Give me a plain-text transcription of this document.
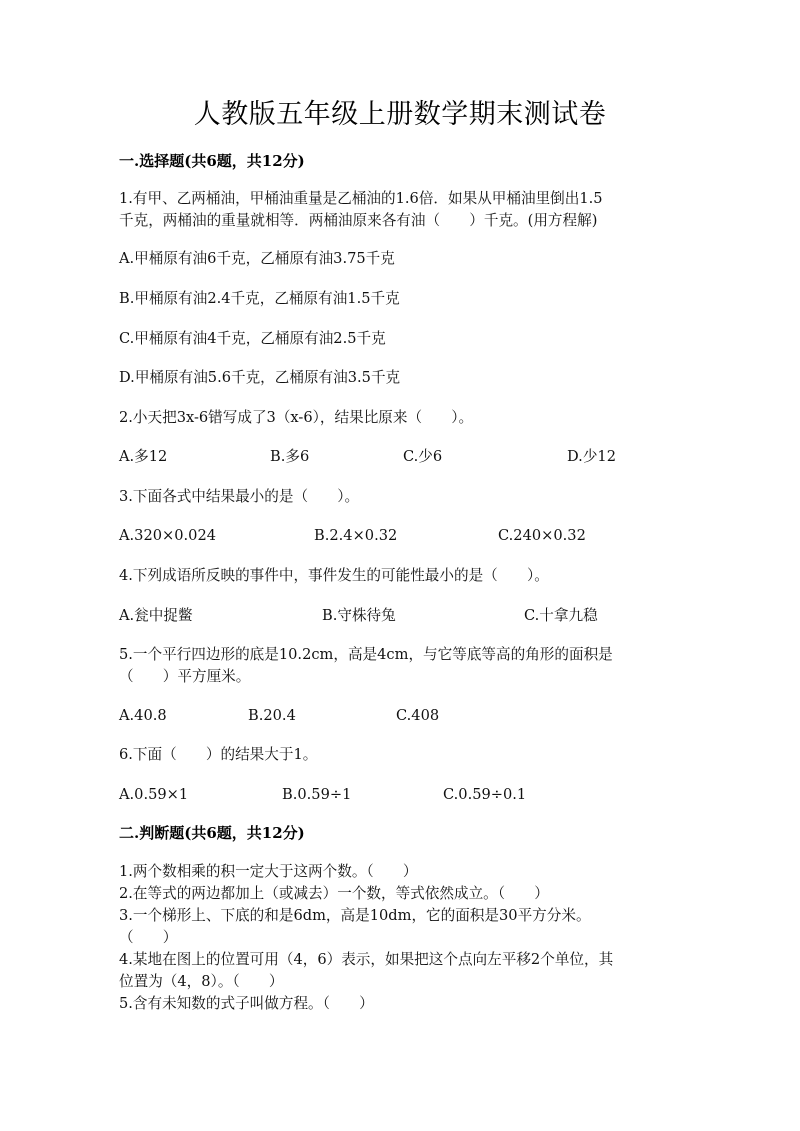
人教版五年级上册数学期末测试卷
一.选择题(共6题，共12分)
1.有甲、乙两桶油，甲桶油重量是乙桶油的1.6倍．如果从甲桶油里倒出1.5
千克，两桶油的重量就相等．两桶油原来各有油（　　）千克。(用方程解)
A.甲桶原有油6千克，乙桶原有油3.75千克
B.甲桶原有油2.4千克，乙桶原有油1.5千克
C.甲桶原有油4千克，乙桶原有油2.5千克
D.甲桶原有油5.6千克，乙桶原有油3.5千克
2.小天把3x-6错写成了3（x-6），结果比原来（　　）。
A.多12	B.多6	C.少6	D.少12
3.下面各式中结果最小的是（　　）。
A.320×0.024	B.2.4×0.32	C.240×0.32
4.下列成语所反映的事件中，事件发生的可能性最小的是（　　）。
A.瓮中捉鳖	B.守株待兔	C.十拿九稳
5.一个平行四边形的底是10.2cm，高是4cm，与它等底等高的角形的面积是
（　　）平方厘米。
A.40.8	B.20.4	C.408
6.下面（　　）的结果大于1。
A.0.59×1	B.0.59÷1	C.0.59÷0.1
二.判断题(共6题，共12分)
1.两个数相乘的积一定大于这两个数。（　　）
2.在等式的两边都加上（或减去）一个数，等式依然成立。（　　）
3.一个梯形上、下底的和是6dm，高是10dm，它的面积是30平方分米。
（　　）
4.某地在图上的位置可用（4，6）表示，如果把这个点向左平移2个单位，其
位置为（4，8）。（　　）
5.含有未知数的式子叫做方程。（　　）
